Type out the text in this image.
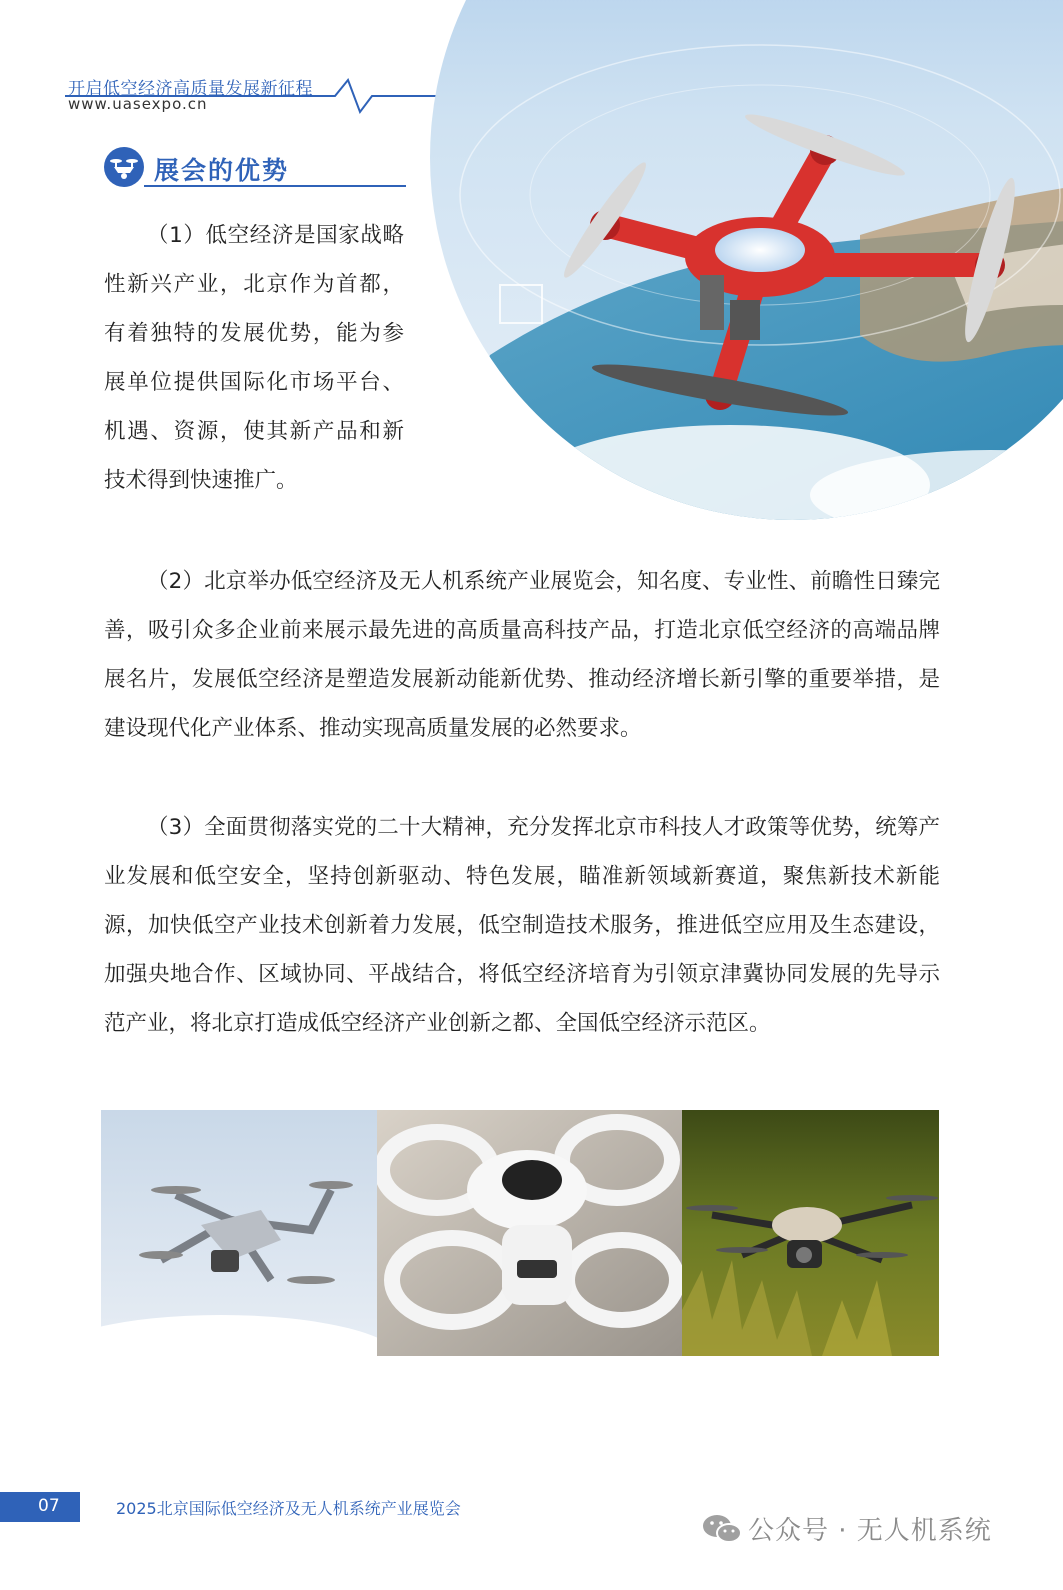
开启低空经济高质量发展新征程
www.uasexpo.cn
展会的优势

（1）低空经济是国家战略性新兴产业，北京作为首都，有着独特的发展优势，能为参展单位提供国际化市场平台、机遇、资源，使其新产品和新技术得到快速推广。

（2）北京举办低空经济及无人机系统产业展览会，知名度、专业性、前瞻性日臻完善，吸引众多企业前来展示最先进的高质量高科技产品，打造北京低空经济的高端品牌展名片，发展低空经济是塑造发展新动能新优势、推动经济增长新引擎的重要举措，是建设现代化产业体系、推动实现高质量发展的必然要求。

（3）全面贯彻落实党的二十大精神，充分发挥北京市科技人才政策等优势，统筹产业发展和低空安全，坚持创新驱动、特色发展，瞄准新领域新赛道，聚焦新技术新能源，加快低空产业技术创新着力发展，低空制造技术服务，推进低空应用及生态建设，加强央地合作、区域协同、平战结合，将低空经济培育为引领京津冀协同发展的先导示范产业，将北京打造成低空经济产业创新之都、全国低空经济示范区。

07	2025北京国际低空经济及无人机系统产业展览会
公众号 · 无人机系统
